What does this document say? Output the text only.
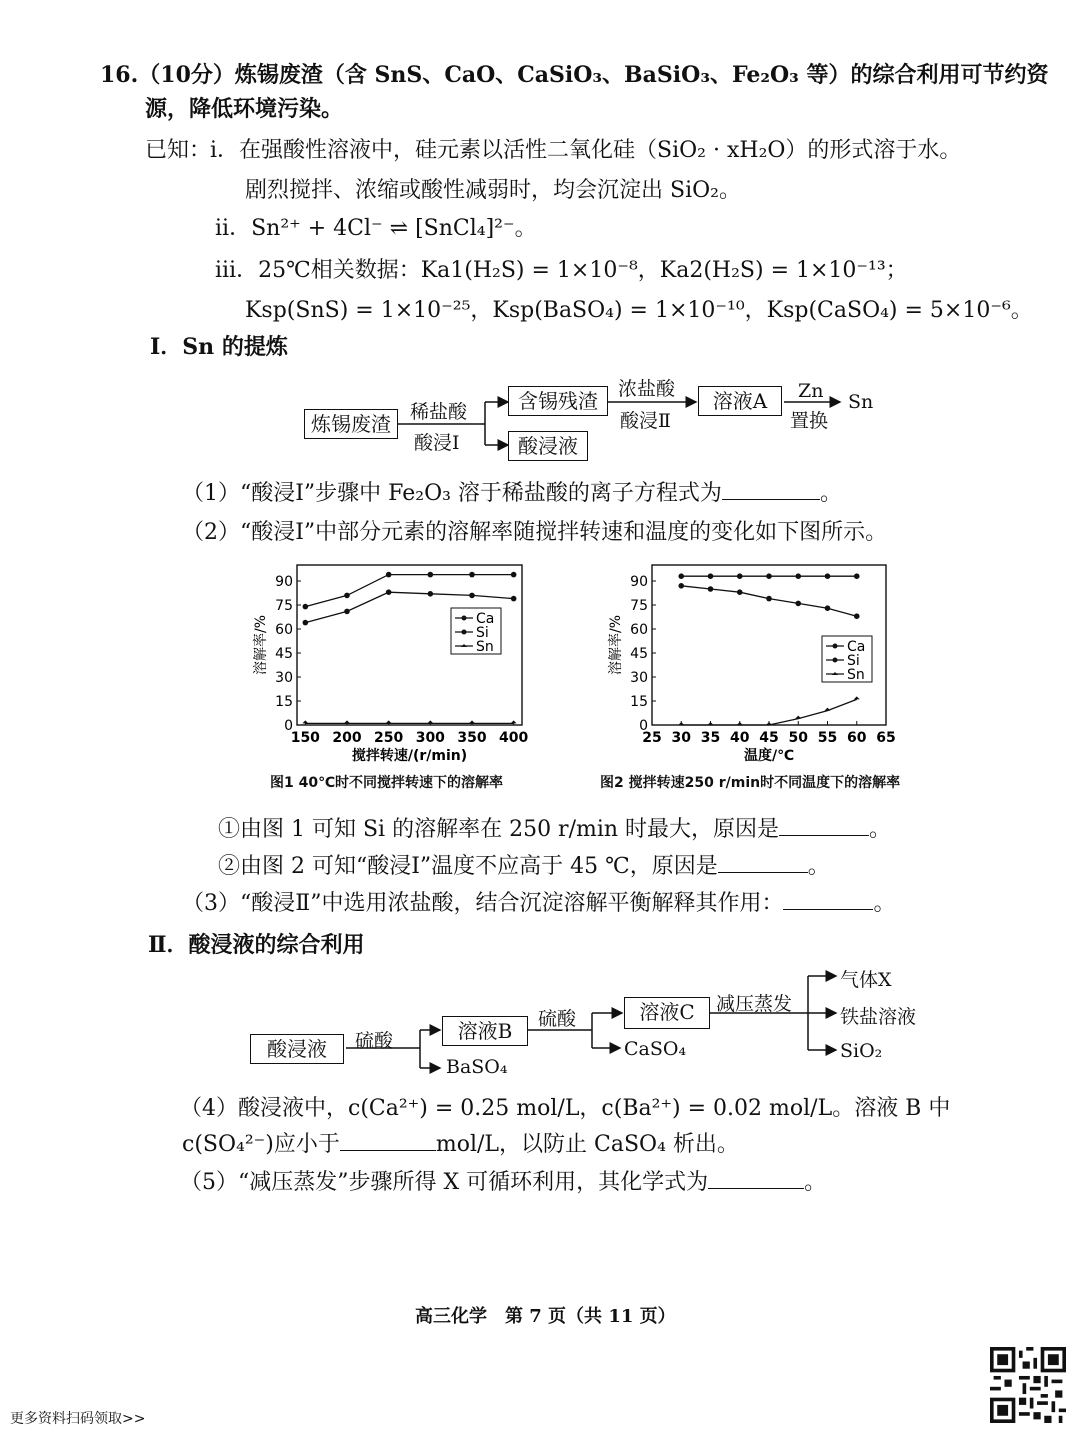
16.（10分）炼锡废渣（含 SnS、CaO、CaSiO₃、BaSiO₃、Fe₂O₃ 等）的综合利用可节约资
源，降低环境污染。
已知：
ⅰ．在强酸性溶液中，硅元素以活性二氧化硅（SiO₂ · xH₂O）的形式溶于水。
剧烈搅拌、浓缩或酸性减弱时，均会沉淀出 SiO₂。
ⅱ．Sn²⁺ + 4Cl⁻ ⇌ [SnCl₄]²⁻。
ⅲ．25℃相关数据：Ka1(H₂S) = 1×10⁻⁸，Ka2(H₂S) = 1×10⁻¹³；
Ksp(SnS) = 1×10⁻²⁵，Ksp(BaSO₄) = 1×10⁻¹⁰，Ksp(CaSO₄) = 5×10⁻⁶。
Ⅰ．Sn 的提炼
炼锡废渣	稀盐酸
酸浸Ⅰ
含锡残渣
酸浸液
浓盐酸
酸浸Ⅱ
溶液A	Zn
置换
Sn
（1）“酸浸Ⅰ”步骤中 Fe₂O₃ 溶于稀盐酸的离子方程式为	。
（2）“酸浸Ⅰ”中部分元素的溶解率随搅拌转速和温度的变化如下图所示。
0
15
30
45
60
75
90
150 200 250 300 350 400
搅拌转速/(r/min)
溶解率/%	Ca
Si
Sn
0
15
30
45
60
75
90
25 30 35 40 45 50 55 60 65
温度/℃
溶解率/%	Ca
Si
Sn
图1 40℃时不同搅拌转速下的溶解率	图2 搅拌转速250 r/min时不同温度下的溶解率
①由图 1 可知 Si 的溶解率在 250 r/min 时最大，原因是	。
②由图 2 可知“酸浸Ⅰ”温度不应高于 45 ℃，原因是	。
（3）“酸浸Ⅱ”中选用浓盐酸，结合沉淀溶解平衡解释其作用：	。
Ⅱ．酸浸液的综合利用
酸浸液	硫酸	溶液B
BaSO₄
硫酸	溶液C
CaSO₄
减压蒸发
气体X
铁盐溶液
SiO₂
（4）酸浸液中，c(Ca²⁺) = 0.25 mol/L，c(Ba²⁺) = 0.02 mol/L。溶液 B 中
c(SO₄²⁻)应小于	mol/L，以防止 CaSO₄ 析出。
（5）“减压蒸发”步骤所得 X 可循环利用，其化学式为	。
高三化学　第 7 页（共 11 页）
更多资料扫码领取>>
